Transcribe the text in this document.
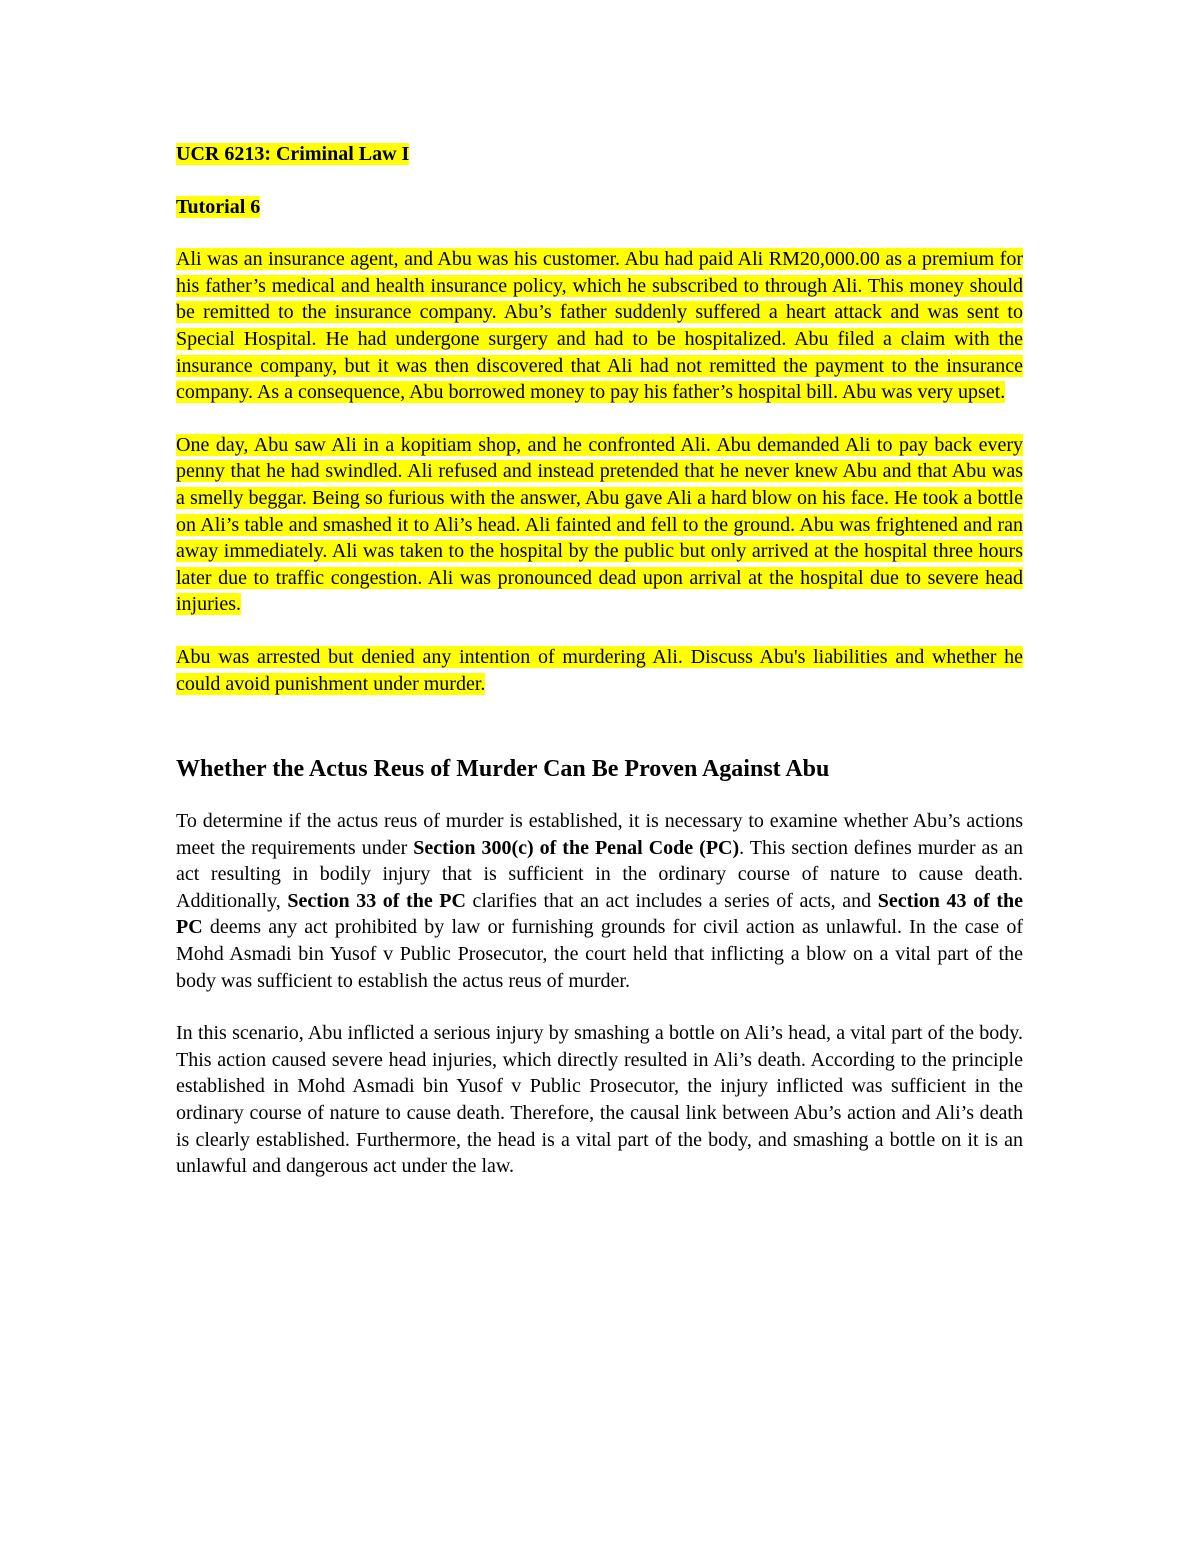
UCR 6213: Criminal Law I

Tutorial 6

Ali was an insurance agent, and Abu was his customer. Abu had paid Ali RM20,000.00 as a premium for his father’s medical and health insurance policy, which he subscribed to through Ali. This money should be remitted to the insurance company. Abu’s father suddenly suffered a heart attack and was sent to Special Hospital. He had undergone surgery and had to be hospitalized. Abu filed a claim with the insurance company, but it was then discovered that Ali had not remitted the payment to the insurance company. As a consequence, Abu borrowed money to pay his father’s hospital bill. Abu was very upset.

One day, Abu saw Ali in a kopitiam shop, and he confronted Ali. Abu demanded Ali to pay back every penny that he had swindled. Ali refused and instead pretended that he never knew Abu and that Abu was a smelly beggar. Being so furious with the answer, Abu gave Ali a hard blow on his face. He took a bottle on Ali’s table and smashed it to Ali’s head. Ali fainted and fell to the ground. Abu was frightened and ran away immediately. Ali was taken to the hospital by the public but only arrived at the hospital three hours later due to traffic congestion. Ali was pronounced dead upon arrival at the hospital due to severe head injuries.

Abu was arrested but denied any intention of murdering Ali. Discuss Abu's liabilities and whether he could avoid punishment under murder.

Whether the Actus Reus of Murder Can Be Proven Against Abu

To determine if the actus reus of murder is established, it is necessary to examine whether Abu’s actions meet the requirements under Section 300(c) of the Penal Code (PC). This section defines murder as an act resulting in bodily injury that is sufficient in the ordinary course of nature to cause death. Additionally, Section 33 of the PC clarifies that an act includes a series of acts, and Section 43 of the PC deems any act prohibited by law or furnishing grounds for civil action as unlawful. In the case of Mohd Asmadi bin Yusof v Public Prosecutor, the court held that inflicting a blow on a vital part of the body was sufficient to establish the actus reus of murder.

In this scenario, Abu inflicted a serious injury by smashing a bottle on Ali’s head, a vital part of the body. This action caused severe head injuries, which directly resulted in Ali’s death. According to the principle established in Mohd Asmadi bin Yusof v Public Prosecutor, the injury inflicted was sufficient in the ordinary course of nature to cause death. Therefore, the causal link between Abu’s action and Ali’s death is clearly established. Furthermore, the head is a vital part of the body, and smashing a bottle on it is an unlawful and dangerous act under the law.
